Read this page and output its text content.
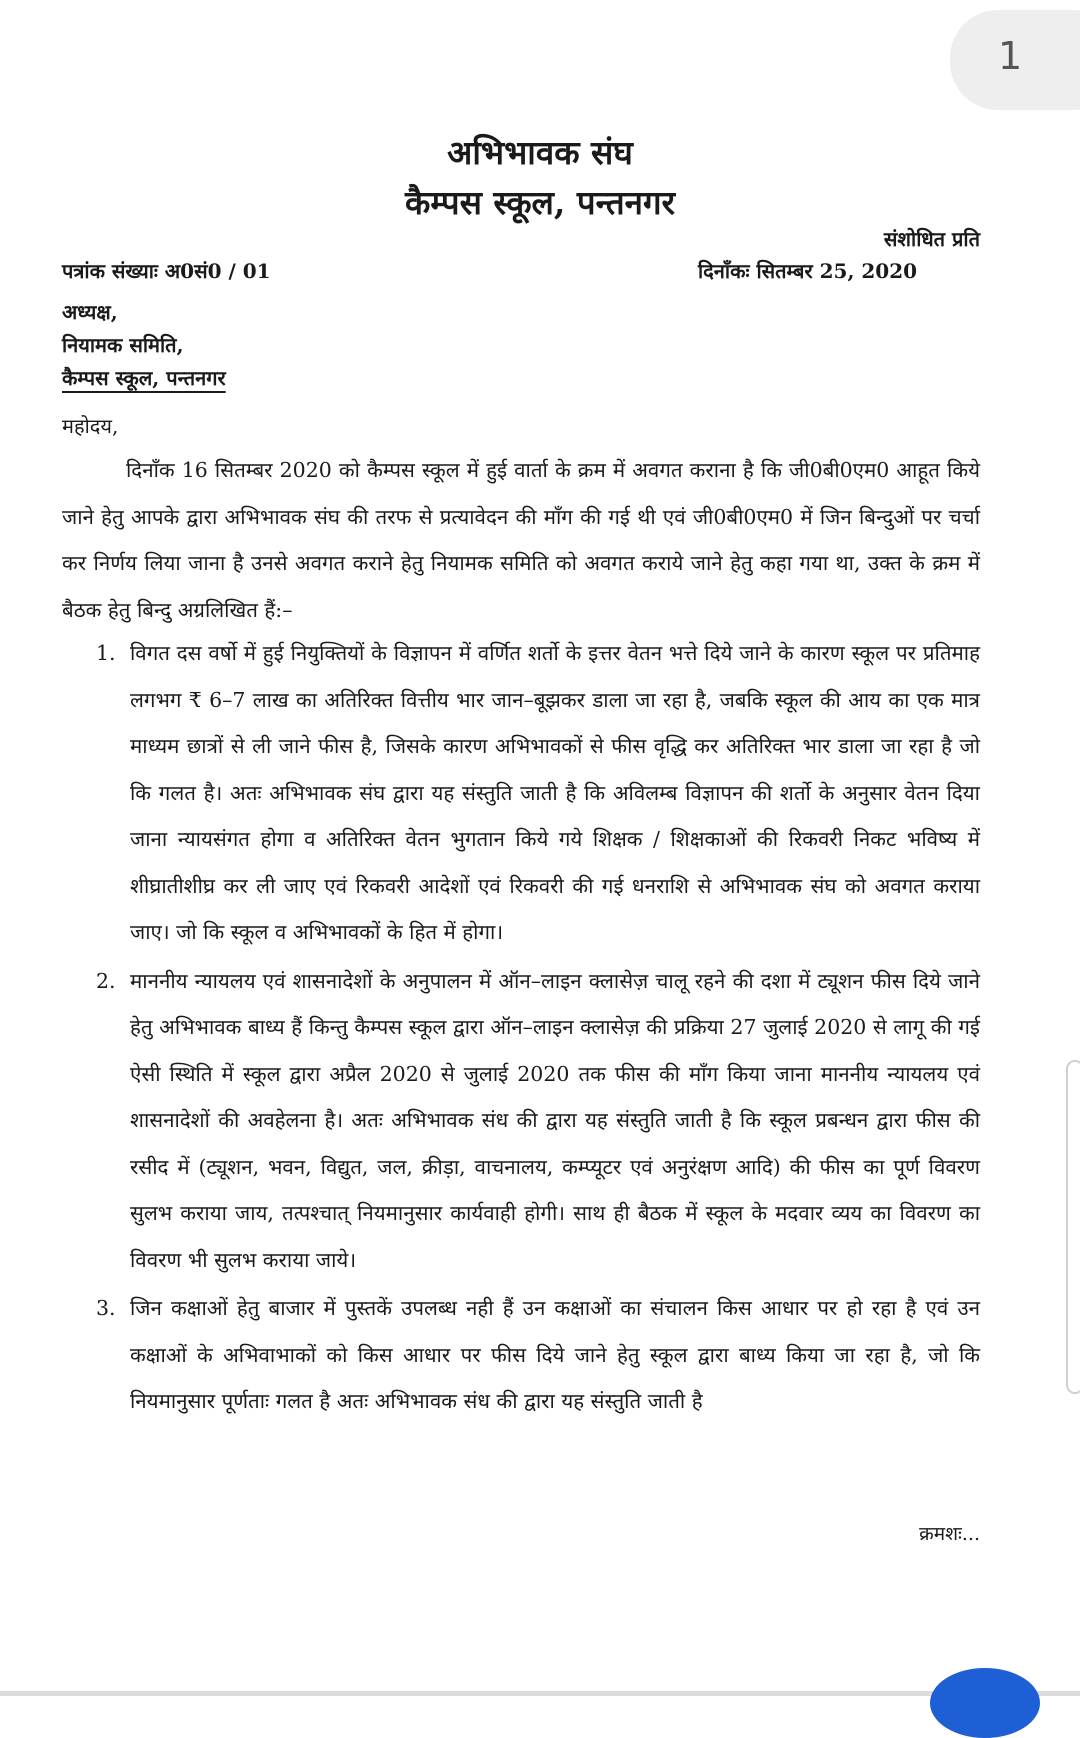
1
अभिभावक संघ
कैम्पस स्कूल, पन्तनगर
संशोधित प्रति
पत्रांक संख्याः अ0सं0 / 01	दिनाँकः सितम्बर 25, 2020
अध्यक्ष,
नियामक समिति,
कैम्पस स्कूल, पन्तनगर
महोदय,

दिनाँक 16 सितम्बर 2020 को कैम्पस स्कूल में हुई वार्ता के क्रम में अवगत कराना है कि जी0बी0एम0 आहूत किये जाने हेतु आपके द्वारा अभिभावक संघ की तरफ से प्रत्यावेदन की माँग की गई थी एवं जी0बी0एम0 में जिन बिन्दुओं पर चर्चा कर निर्णय लिया जाना है उनसे अवगत कराने हेतु नियामक समिति को अवगत कराये जाने हेतु कहा गया था, उक्त के क्रम में बैठक हेतु बिन्दु अग्रलिखित हैं:–

1. विगत दस वर्षो में हुई नियुक्तियों के विज्ञापन में वर्णित शर्तो के इत्तर वेतन भत्ते दिये जाने के कारण स्कूल पर प्रतिमाह लगभग ₹ 6–7 लाख का अतिरिक्त वित्तीय भार जान–बूझकर डाला जा रहा है, जबकि स्कूल की आय का एक मात्र माध्यम छात्रों से ली जाने फीस है, जिसके कारण अभिभावकों से फीस वृद्धि कर अतिरिक्त भार डाला जा रहा है जो कि गलत है। अतः अभिभावक संघ द्वारा यह संस्तुति जाती है कि अविलम्ब विज्ञापन की शर्तो के अनुसार वेतन दिया जाना न्यायसंगत होगा व अतिरिक्त वेतन भुगतान किये गये शिक्षक / शिक्षकाओं की रिकवरी निकट भविष्य में शीघ्रातीशीघ्र कर ली जाए एवं रिकवरी आदेशों एवं रिकवरी की गई धनराशि से अभिभावक संघ को अवगत कराया जाए। जो कि स्कूल व अभिभावकों के हित में होगा।
2. माननीय न्यायलय एवं शासनादेशों के अनुपालन में ऑन–लाइन क्लासेज़ चालू रहने की दशा में ट्यूशन फीस दिये जाने हेतु अभिभावक बाध्य हैं किन्तु कैम्पस स्कूल द्वारा ऑन–लाइन क्लासेज़ की प्रक्रिया 27 जुलाई 2020 से लागू की गई ऐसी स्थिति में स्कूल द्वारा अप्रैल 2020 से जुलाई 2020 तक फीस की माँग किया जाना माननीय न्यायलय एवं शासनादेशों की अवहेलना है। अतः अभिभावक संध की द्वारा यह संस्तुति जाती है कि स्कूल प्रबन्धन द्वारा फीस की रसीद में (ट्यूशन, भवन, विद्युत, जल, क्रीड़ा, वाचनालय, कम्प्यूटर एवं अनुरंक्षण आदि) की फीस का पूर्ण विवरण सुलभ कराया जाय, तत्पश्चात् नियमानुसार कार्यवाही होगी। साथ ही बैठक में स्कूल के मदवार व्यय का विवरण का विवरण भी सुलभ कराया जाये।
3. जिन कक्षाओं हेतु बाजार में पुस्तकें उपलब्ध नही हैं उन कक्षाओं का संचालन किस आधार पर हो रहा है एवं उन कक्षाओं के अभिवाभाकों को किस आधार पर फीस दिये जाने हेतु स्कूल द्वारा बाध्य किया जा रहा है, जो कि नियमानुसार पूर्णताः गलत है अतः अभिभावक संध की द्वारा यह संस्तुति जाती है
क्रमशः...
